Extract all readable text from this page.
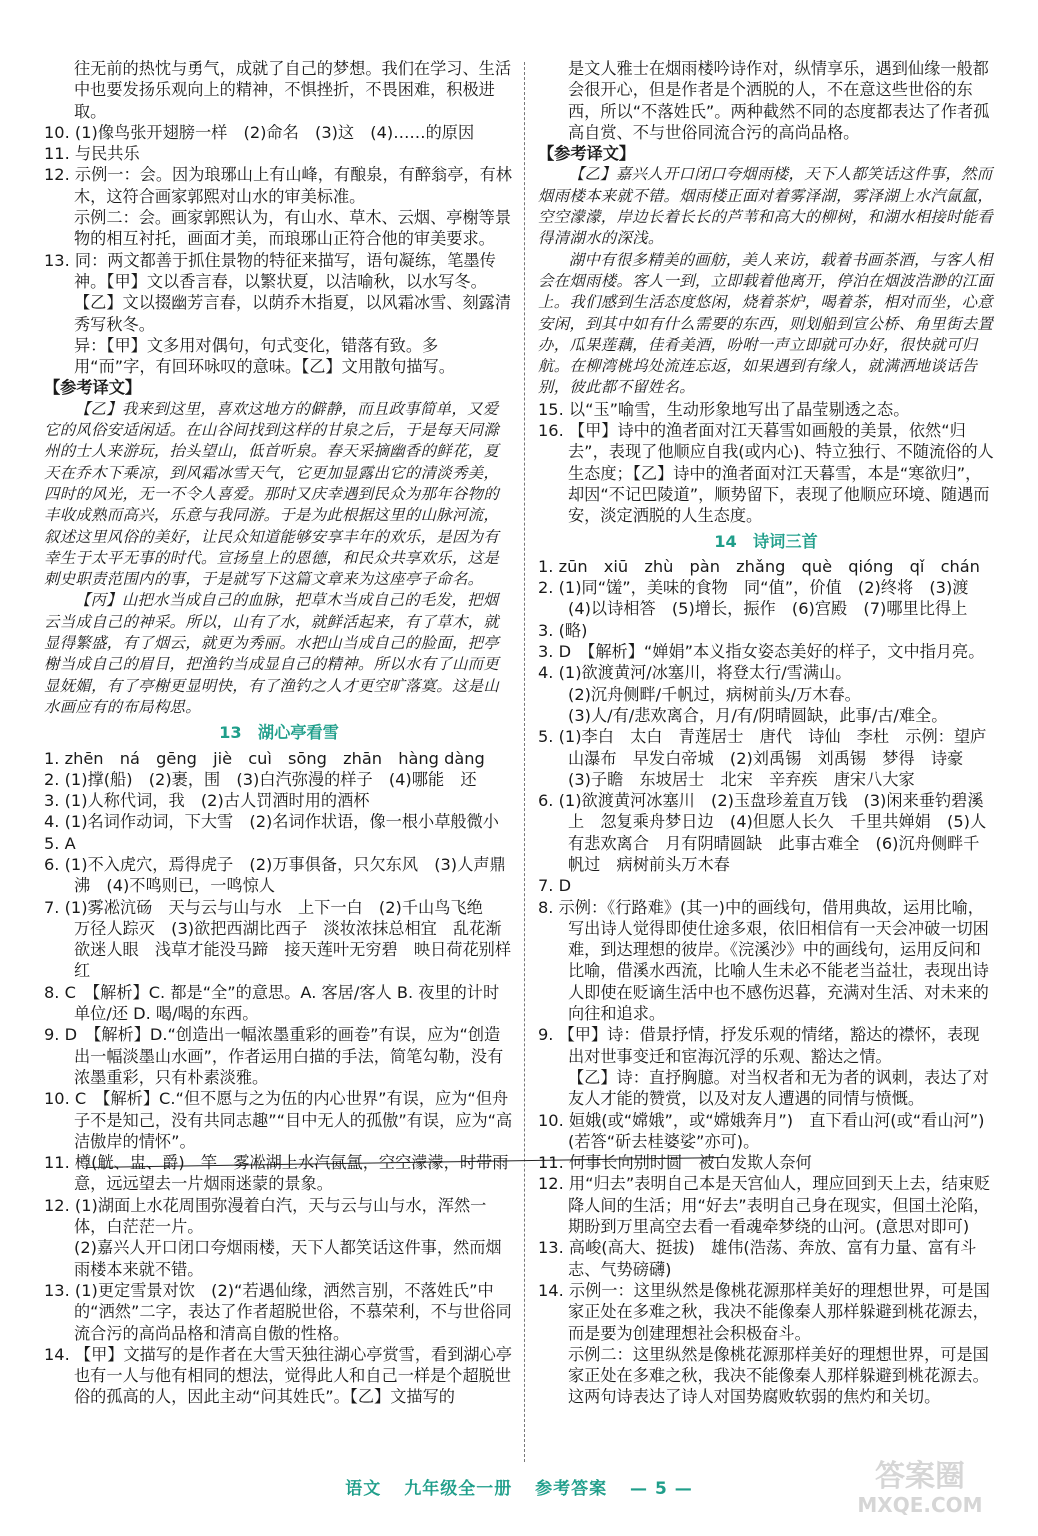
往无前的热忱与勇气，成就了自己的梦想。我们在学习、生活中也要发扬乐观向上的精神，不惧挫折，不畏困难，积极进取。

10. (1)像鸟张开翅膀一样　(2)命名　(3)这　(4)……的原因

11. 与民共乐

12. 示例一：会。因为琅琊山上有山峰，有酿泉，有醉翁亭，有林木，这符合画家郭熙对山水的审美标准。

示例二：会。画家郭熙认为，有山水、草木、云烟、亭榭等景物的相互衬托，画面才美，而琅琊山正符合他的审美要求。

13. 同：两文都善于抓住景物的特征来描写，语句凝练，笔墨传神。【甲】文以香言春，以繁状夏，以洁喻秋，以水写冬。

【乙】文以掇幽芳言春，以荫乔木指夏，以风霜冰雪、刻露清秀写秋冬。

异：【甲】文多用对偶句，句式变化，错落有致。多用“而”字，有回环咏叹的意味。【乙】文用散句描写。

【参考译文】

【乙】我来到这里，喜欢这地方的僻静，而且政事简单，又爱它的风俗安适闲适。在山谷间找到这样的甘泉之后，于是每天同滁州的士人来游玩，抬头望山，低首听泉。春天采摘幽香的鲜花，夏天在乔木下乘凉，到风霜冰雪天气，它更加显露出它的清淡秀美，四时的风光，无一不令人喜爱。那时又庆幸遇到民众为那年谷物的丰收成熟而高兴，乐意与我同游。于是为此根据这里的山脉河流，叙述这里风俗的美好，让民众知道能够安享丰年的欢乐，是因为有幸生于太平无事的时代。宣扬皇上的恩德，和民众共享欢乐，这是刺史职责范围内的事，于是就写下这篇文章来为这座亭子命名。

【丙】山把水当成自己的血脉，把草木当成自己的毛发，把烟云当成自己的神采。所以，山有了水，就鲜活起来，有了草木，就显得繁盛，有了烟云，就更为秀丽。水把山当成自己的脸面，把亭榭当成自己的眉目，把渔钓当成显自己的精神。所以水有了山而更显妩媚，有了亭榭更显明快，有了渔钓之人才更空旷落寞。这是山水画应有的布局构思。

13　湖心亭看雪

1. zhēn　ná　gēng　jiè　cuì　sōng　zhān　hàng dàng

2. (1)撑(船)　(2)裹，围　(3)白汽弥漫的样子　(4)哪能　还

3. (1)人称代词，我　(2)古人罚酒时用的酒杯

4. (1)名词作动词，下大雪　(2)名词作状语，像一根小草般微小

5. A

6. (1)不入虎穴，焉得虎子　(2)万事俱备，只欠东风　(3)人声鼎沸　(4)不鸣则已，一鸣惊人

7. (1)雾凇沆砀　天与云与山与水　上下一白　(2)千山鸟飞绝　万径人踪灭　(3)欲把西湖比西子　淡妆浓抹总相宜　乱花渐欲迷人眼　浅草才能没马蹄　接天莲叶无穷碧　映日荷花别样红

8. C　【解析】C. 都是“全”的意思。A. 客居/客人 B. 夜里的计时单位/还 D. 喝/喝的东西。

9. D　【解析】D.“创造出一幅浓墨重彩的画卷”有误，应为“创造出一幅淡墨山水画”，作者运用白描的手法，简笔勾勒，没有浓墨重彩，只有朴素淡雅。

10. C　【解析】C.“但不愿与之为伍的内心世界”有误，应为“但舟子不是知己，没有共同志趣”“目中无人的孤傲”有误，应为“高洁傲岸的情怀”。

11. 樽(觥、盅、爵)　竿　雾凇湖上水汽氤氲，空空濛濛，时带雨意，远远望去一片烟雨迷蒙的景象。

12. (1)湖面上水花周围弥漫着白汽，天与云与山与水，浑然一体，白茫茫一片。

(2)嘉兴人开口闭口夸烟雨楼，天下人都笑话这件事，然而烟雨楼本来就不错。

13. (1)更定雪景对饮　(2)“若遇仙缘，洒然言别，不落姓氏”中的“洒然”二字，表达了作者超脱世俗，不慕荣利，不与世俗同流合污的高尚品格和清高自傲的性格。

14. 【甲】文描写的是作者在大雪天独往湖心亭赏雪，看到湖心亭也有一人与他有相同的想法，觉得此人和自己一样是个超脱世俗的孤高的人，因此主动“问其姓氏”。【乙】文描写的

是文人雅士在烟雨楼吟诗作对，纵情享乐，遇到仙缘一般都会很开心，但是作者是个洒脱的人，不在意这些世俗的东西，所以“不落姓氏”。两种截然不同的态度都表达了作者孤高自赏、不与世俗同流合污的高尚品格。

【参考译文】

【乙】嘉兴人开口闭口夸烟雨楼，天下人都笑话这件事，然而烟雨楼本来就不错。烟雨楼正面对着雾泽湖，雾泽湖上水汽氤氲，空空濛濛，岸边长着长长的芦苇和高大的柳树，和湖水相接时能看得清湖水的深浅。

湖中有很多精美的画舫，美人来访，载着书画茶酒，与客人相会在烟雨楼。客人一到，立即载着他离开，停泊在烟波浩渺的江面上。我们感到生活态度悠闲，烧着茶炉，喝着茶，相对而坐，心意安闲，到其中如有什么需要的东西，则划船到宣公桥、角里街去置办，瓜果莲藕，佳肴美酒，吩咐一声立即就可办好，很快就可归航。在柳湾桃坞处流连忘返，如果遇到有缘人，就满洒地谈话告别，彼此都不留姓名。

15. 以“玉”喻雪，生动形象地写出了晶莹剔透之态。

16. 【甲】诗中的渔者面对江天暮雪如画般的美景，依然“归去”，表现了他顺应自我(或内心)、特立独行、不随流俗的人生态度；【乙】诗中的渔者面对江天暮雪，本是“寒欲归”，却因“不记巴陵道”，顺势留下，表现了他顺应环境、随遇而安，淡定洒脱的人生态度。

14　诗词三首

1. zūn　xiū　zhù　pàn　zhǎng　què　qióng　qǐ　chán

2. (1)同“馐”，美味的食物　同“值”，价值　(2)终将　(3)渡

(4)以诗相答　(5)增长，振作　(6)宫殿　(7)哪里比得上

3. (略)

3. D　【解析】“婵娟”本义指女姿态美好的样子，文中指月亮。

4. (1)欲渡黄河/冰塞川，将登太行/雪满山。

(2)沉舟侧畔/千帆过，病树前头/万木春。

(3)人/有/悲欢离合，月/有/阴晴圆缺，此事/古/难全。

5. (1)李白　太白　青莲居士　唐代　诗仙　李杜　示例：望庐山瀑布　早发白帝城　(2)刘禹锡　刘禹锡　梦得　诗豪　(3)子瞻　东坡居士　北宋　辛弃疾　唐宋八大家

6. (1)欲渡黄河冰塞川　(2)玉盘珍羞直万钱　(3)闲来垂钓碧溪上　忽复乘舟梦日边　(4)但愿人长久　千里共婵娟　(5)人有悲欢离合　月有阴晴圆缺　此事古难全　(6)沉舟侧畔千帆过　病树前头万木春

7. D

8. 示例：《行路难》(其一)中的画线句，借用典故，运用比喻，写出诗人觉得即使仕途多艰，依旧相信有一天会冲破一切困难，到达理想的彼岸。《浣溪沙》中的画线句，运用反问和比喻，借溪水西流，比喻人生未必不能老当益壮，表现出诗人即使在贬谪生活中也不感伤迟暮，充满对生活、对未来的向往和追求。

9. 【甲】诗：借景抒情，抒发乐观的情绪，豁达的襟怀，表现出对世事变迁和宦海沉浮的乐观、豁达之情。

【乙】诗：直抒胸臆。对当权者和无为者的讽刺，表达了对友人才能的赞赏，以及对友人遭遇的同情与愤慨。

10. 姮娥(或“嫦娥”，或“嫦娥奔月”)　直下看山河(或“看山河”)(若答“斫去桂婆娑”亦可)。

11. 何事长向别时圆　被白发欺人奈何

12. 用“归去”表明自己本是天宫仙人，理应回到天上去，结束贬降人间的生活；用“好去”表明自己身在现实，但国土沦陷，期盼到万里高空去看一看魂牵梦绕的山河。(意思对即可)

13. 高峻(高大、挺拔)　雄伟(浩荡、奔放、富有力量、富有斗志、气势磅礴)

14. 示例一：这里纵然是像桃花源那样美好的理想世界，可是国家正处在多难之秋，我决不能像秦人那样躲避到桃花源去，而是要为创建理想社会积极奋斗。

示例二：这里纵然是像桃花源那样美好的理想世界，可是国家正处在多难之秋，我决不能像秦人那样躲避到桃花源去。这两句诗表达了诗人对国势腐败软弱的焦灼和关切。

语文 九年级全一册 参考答案 — 5 —	答案圈
MXQE.COM
